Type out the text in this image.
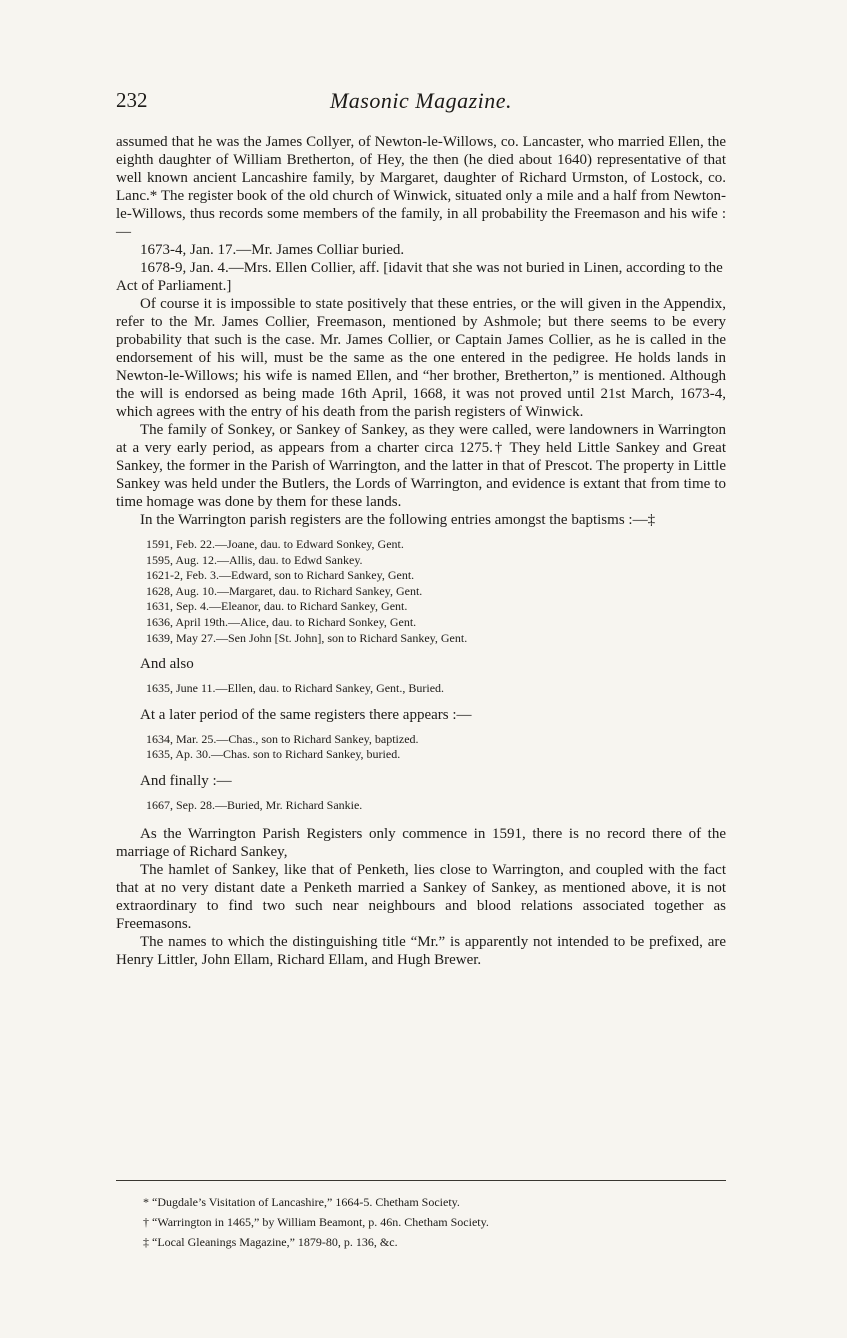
232	Masonic Magazine.

assumed that he was the James Collyer, of Newton-le-Willows, co. Lancaster, who married Ellen, the eighth daughter of William Bretherton, of Hey, the then (he died about 1640) representative of that well known ancient Lancashire family, by Margaret, daughter of Richard Urmston, of Lostock, co. Lanc.* The register book of the old church of Winwick, situated only a mile and a half from Newton-le-Willows, thus records some members of the family, in all probability the Freemason and his wife :—

1673-4, Jan. 17.—Mr. James Colliar buried.

1678-9, Jan. 4.—Mrs. Ellen Collier, aff. [idavit that she was not buried in Linen, according to the Act of Parliament.]

Of course it is impossible to state positively that these entries, or the will given in the Appendix, refer to the Mr. James Collier, Freemason, mentioned by Ashmole; but there seems to be every probability that such is the case. Mr. James Collier, or Captain James Collier, as he is called in the endorsement of his will, must be the same as the one entered in the pedigree. He holds lands in Newton-le-Willows; his wife is named Ellen, and “her brother, Bretherton,” is mentioned. Although the will is endorsed as being made 16th April, 1668, it was not proved until 21st March, 1673-4, which agrees with the entry of his death from the parish registers of Winwick.

The family of Sonkey, or Sankey of Sankey, as they were called, were landowners in Warrington at a very early period, as appears from a charter circa 1275.† They held Little Sankey and Great Sankey, the former in the Parish of Warrington, and the latter in that of Prescot. The property in Little Sankey was held under the Butlers, the Lords of Warrington, and evidence is extant that from time to time homage was done by them for these lands.

In the Warrington parish registers are the following entries amongst the baptisms :—‡

1591, Feb. 22.—Joane, dau. to Edward Sonkey, Gent.
1595, Aug. 12.—Allis, dau. to Edwd Sankey.
1621-2, Feb. 3.—Edward, son to Richard Sankey, Gent.
1628, Aug. 10.—Margaret, dau. to Richard Sankey, Gent.
1631, Sep. 4.—Eleanor, dau. to Richard Sankey, Gent.
1636, April 19th.—Alice, dau. to Richard Sonkey, Gent.
1639, May 27.—Sen John [St. John], son to Richard Sankey, Gent.
And also
1635, June 11.—Ellen, dau. to Richard Sankey, Gent., Buried.
At a later period of the same registers there appears :—
1634, Mar. 25.—Chas., son to Richard Sankey, baptized.
1635, Ap. 30.—Chas. son to Richard Sankey, buried.
And finally :—
1667, Sep. 28.—Buried, Mr. Richard Sankie.

As the Warrington Parish Registers only commence in 1591, there is no record there of the marriage of Richard Sankey,

The hamlet of Sankey, like that of Penketh, lies close to Warrington, and coupled with the fact that at no very distant date a Penketh married a Sankey of Sankey, as mentioned above, it is not extraordinary to find two such near neighbours and blood relations associated together as Freemasons.

The names to which the distinguishing title “Mr.” is apparently not intended to be prefixed, are Henry Littler, John Ellam, Richard Ellam, and Hugh Brewer.

* “Dugdale’s Visitation of Lancashire,” 1664-5. Chetham Society.
† “Warrington in 1465,” by William Beamont, p. 46n. Chetham Society.
‡ “Local Gleanings Magazine,” 1879-80, p. 136, &c.
